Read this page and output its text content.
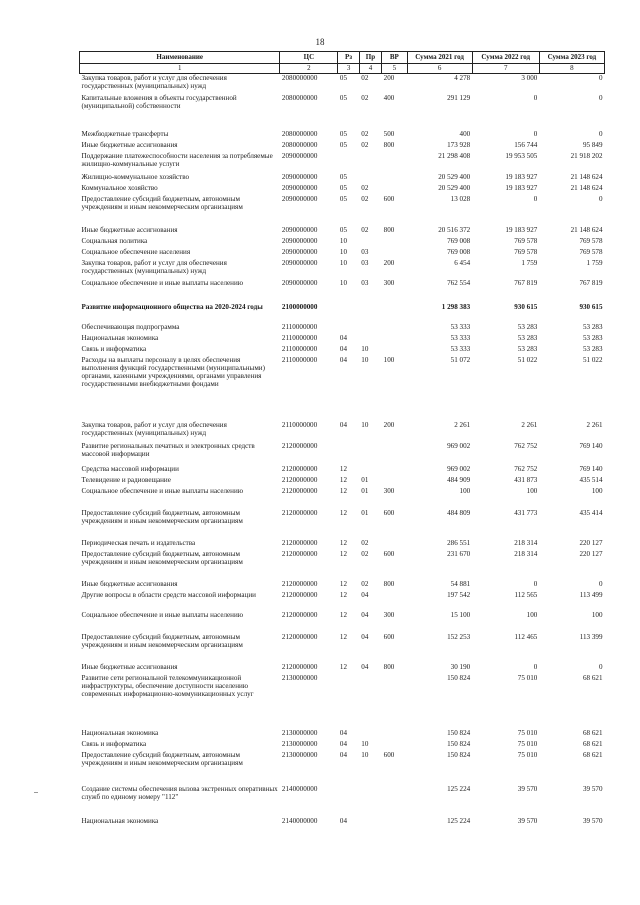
18
Наименование	ЦС	Рз	Пр	ВР	Сумма 2021 год	Сумма 2022 год	Сумма 2023 год
1	2	3	4	5	6	7	8
Закупка товаров, работ и услуг для обеспечения государственных (муниципальных) нужд	2080000000	05	02	200	4 278	3 000	0
Капитальные вложения в объекты государственной (муниципальной) собственности	2080000000	05	02	400	291 129	0	0
Межбюджетные трансферты	2080000000	05	02	500	400	0	0
Иные бюджетные ассигнования	2080000000	05	02	800	173 928	156 744	95 849
Поддержание платежеспособности населения за потребляемые жилищно-коммунальные услуги	2090000000				21 298 408	19 953 505	21 918 202
Жилищно-коммунальное хозяйство	2090000000	05			20 529 400	19 183 927	21 148 624
Коммунальное хозяйство	2090000000	05	02		20 529 400	19 183 927	21 148 624
Предоставление субсидий бюджетным, автономным учреждениям и иным некоммерческим организациям	2090000000	05	02	600	13 028	0	0
Иные бюджетные ассигнования	2090000000	05	02	800	20 516 372	19 183 927	21 148 624
Социальная политика	2090000000	10			769 008	769 578	769 578
Социальное обеспечение населения	2090000000	10	03		769 008	769 578	769 578
Закупка товаров, работ и услуг для обеспечения государственных (муниципальных) нужд	2090000000	10	03	200	6 454	1 759	1 759
Социальное обеспечение и иные выплаты населению	2090000000	10	03	300	762 554	767 819	767 819
Развитие информационного общества на 2020-2024 годы	2100000000				1 298 383	930 615	930 615
Обеспечивающая подпрограмма	2110000000				53 333	53 283	53 283
Национальная экономика	2110000000	04			53 333	53 283	53 283
Связь и информатика	2110000000	04	10		53 333	53 283	53 283
Расходы на выплаты персоналу в целях обеспечения выполнения функций государственными (муниципальными) органами, казенными учреждениями, органами управления государственными внебюджетными фондами	2110000000	04	10	100	51 072	51 022	51 022
Закупка товаров, работ и услуг для обеспечения государственных (муниципальных) нужд	2110000000	04	10	200	2 261	2 261	2 261
Развитие региональных печатных и электронных средств массовой информации	2120000000				969 002	762 752	769 140
Средства массовой информации	2120000000	12			969 002	762 752	769 140
Телевидение и радиовещание	2120000000	12	01		484 909	431 873	435 514
Социальное обеспечение и иные выплаты населению	2120000000	12	01	300	100	100	100
Предоставление субсидий бюджетным, автономным учреждениям и иным некоммерческим организациям	2120000000	12	01	600	484 809	431 773	435 414
Периодическая печать и издательства	2120000000	12	02		286 551	218 314	220 127
Предоставление субсидий бюджетным, автономным учреждениям и иным некоммерческим организациям	2120000000	12	02	600	231 670	218 314	220 127
Иные бюджетные ассигнования	2120000000	12	02	800	54 881	0	0
Другие вопросы в области средств массовой информации	2120000000	12	04		197 542	112 565	113 499
Социальное обеспечение и иные выплаты населению	2120000000	12	04	300	15 100	100	100
Предоставление субсидий бюджетным, автономным учреждениям и иным некоммерческим организациям	2120000000	12	04	600	152 253	112 465	113 399
Иные бюджетные ассигнования	2120000000	12	04	800	30 190	0	0
Развитие сети региональной телекоммуникационной инфраструктуры, обеспечение доступности населению современных информационно-коммуникационных услуг	2130000000				150 824	75 010	68 621
Национальная экономика	2130000000	04			150 824	75 010	68 621
Связь и информатика	2130000000	04	10		150 824	75 010	68 621
Предоставление субсидий бюджетным, автономным учреждениям и иным некоммерческим организациям	2130000000	04	10	600	150 824	75 010	68 621
Создание системы обеспечения вызова экстренных оперативных служб по единому номеру "112"	2140000000				125 224	39 570	39 570
Национальная экономика	2140000000	04			125 224	39 570	39 570
